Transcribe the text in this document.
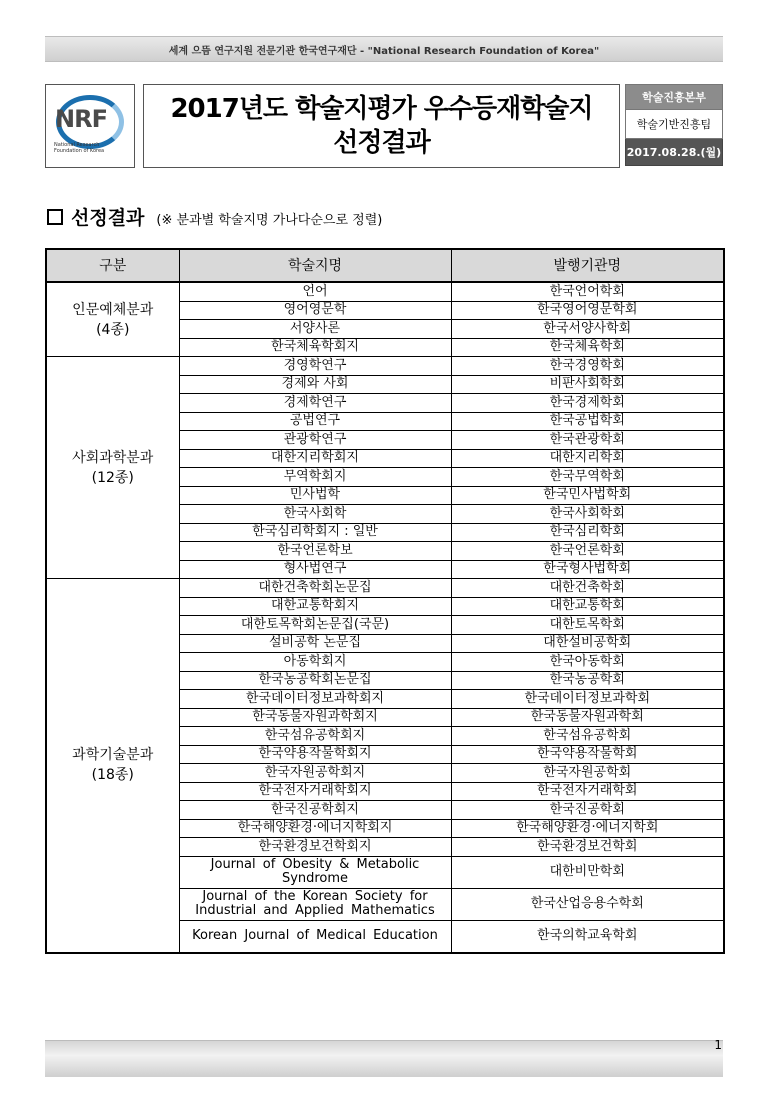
세계 으뜸 연구지원 전문기관 한국연구재단 - "National Research Foundation of Korea"
NRF
National Research
Foundation of Korea
2017년도 학술지평가 우수등재학술지
선정결과
학술진흥본부
학술기반진흥팀
2017.08.28.(월)
선정결과 (※ 분과별 학술지명 가나다순으로 정렬)
구분	학술지명	발행기관명

인문예체분과
(4종)	언어	한국언어학회
	영어영문학	한국영어영문학회
	서양사론	한국서양사학회
	한국체육학회지	한국체육학회

사회과학분과
(12종)	경영학연구	한국경영학회
	경제와 사회	비판사회학회
	경제학연구	한국경제학회
	공법연구	한국공법학회
	관광학연구	한국관광학회
	대한지리학회지	대한지리학회
	무역학회지	한국무역학회
	민사법학	한국민사법학회
	한국사회학	한국사회학회
	한국심리학회지 : 일반	한국심리학회
	한국언론학보	한국언론학회
	형사법연구	한국형사법학회

과학기술분과
(18종)	대한건축학회논문집	대한건축학회
	대한교통학회지	대한교통학회
	대한토목학회논문집(국문)	대한토목학회
	설비공학 논문집	대한설비공학회
	아동학회지	한국아동학회
	한국농공학회논문집	한국농공학회
	한국데이터정보과학회지	한국데이터정보과학회
	한국동물자원과학회지	한국동물자원과학회
	한국섬유공학회지	한국섬유공학회
	한국약용작물학회지	한국약용작물학회
	한국자원공학회지	한국자원공학회
	한국전자거래학회지	한국전자거래학회
	한국진공학회지	한국진공학회
	한국해양환경·에너지학회지	한국해양환경·에너지학회
	한국환경보건학회지	한국환경보건학회
	Journal of Obesity & Metabolic Syndrome	대한비만학회
	Journal of the Korean Society for Industrial and Applied Mathematics	한국산업응용수학회
	Korean Journal of Medical Education	한국의학교육학회
1
